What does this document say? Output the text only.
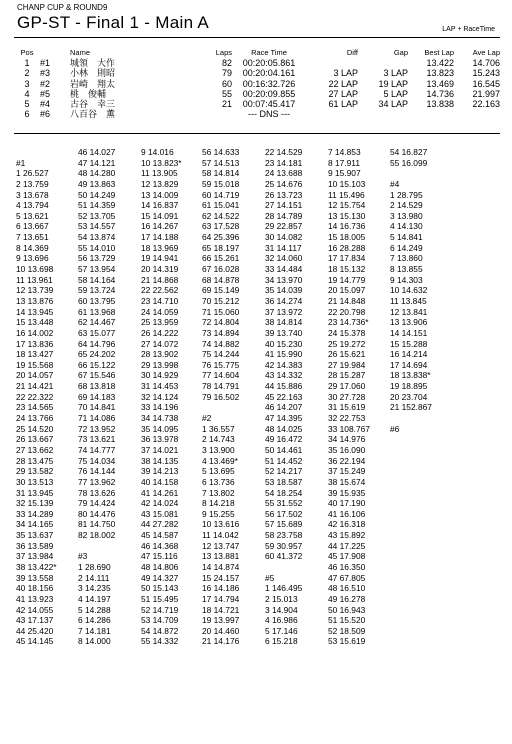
CHANP CUP & ROUND9
GP-ST - Final 1 - Main A	LAP + RaceTime
Pos		Name	Laps	Race Time	Diff	Gap	Best Lap	Ave Lap
1	#1	城領　大作	82	00:20:05.861			13.422	14.706
2	#3	小林　則昭	79	00:20:04.161	3 LAP	3 LAP	13.823	15.243
3	#2	岩崎　翔太	60	00:16:32.726	22 LAP	19 LAP	13.469	16.545
4	#5	桃　俊輔	55	00:20:09.855	27 LAP	5 LAP	14.736	21.997
5	#4	古谷　幸三	21	00:07:45.417	61 LAP	34 LAP	13.838	22.163
6	#6	八百谷　薫		--- DNS ---				
#1
1 26.527
2 13.759
3 13.678
4 13.794
5 13.621
6 13.667
7 13.651
8 14.369
9 13.696
10 13.698
11 13.961
12 13.739
13 13.876
14 13.945
15 13.448
16 14.002
17 13.836
18 13.427
19 15.568
20 14.057
21 14.421
22 22.322
23 14.565
24 13.766
25 14.520
26 13.667
27 13.662
28 13.475
29 13.582
30 13.513
31 13.945
32 15.139
33 14.289
34 14.165
35 13.637
36 13.589
37 13.984
38 13.422*
39 13.558
40 18.156
41 13.923
42 14.055
43 17.137
44 25.420
45 14.145
46 14.027
47 14.121
48 14.280
49 13.863
50 14.249
51 14.359
52 13.705
53 14.557
54 13.874
55 14.010
56 13.729
57 13.954
58 14.164
59 13.724
60 13.795
61 13.968
62 14.467
63 15.077
64 14.796
65 24.202
66 15.122
67 15.546
68 13.818
69 14.183
70 14.841
71 14.086
72 13.952
73 13.621
74 14.777
75 14.034
76 14.144
77 13.962
78 13.626
79 14.424
80 14.476
81 14.750
82 18.002
#3
1 28.690
2 14.111
3 14.235
4 14.197
5 14.288
6 14.286
7 14.181
8 14.000
9 14.016
10 13.823*
11 13.905
12 13.829
13 14.009
14 16.837
15 14.091
16 14.267
17 14.188
18 13.969
19 14.941
20 14.319
21 14.868
22 22.562
23 14.710
24 14.059
25 13.959
26 14.222
27 14.072
28 13.902
29 13.998
30 14.929
31 14.453
32 14.124
33 14.196
34 14.738
35 14.095
36 13.978
37 14.021
38 14.135
39 14.213
40 14.158
41 14.261
42 14.024
43 15.081
44 27.282
45 14.587
46 14.368
47 15.116
48 14.806
49 14.327
50 15.143
51 15.495
52 14.719
53 14.709
54 14.872
55 14.332
56 14.633
57 14.513
58 14.814
59 15.018
60 14.719
61 15.041
62 14.522
63 17.528
64 25.396
65 18.197
66 15.261
67 16.028
68 14.878
69 15.149
70 15.212
71 15.060
72 14.804
73 14.894
74 14.882
75 14.244
76 15.775
77 14.604
78 14.791
79 16.502
#2
1 36.557
2 14.743
3 13.900
4 13.469*
5 13.695
6 13.736
7 13.802
8 14.218
9 15.255
10 13.616
11 14.042
12 13.747
13 13.881
14 14.874
15 24.157
16 14.186
17 14.794
18 14.721
19 13.997
20 14.460
21 14.176
22 14.529
23 14.181
24 13.688
25 14.676
26 13.723
27 14.151
28 14.789
29 22.857
30 14.082
31 14.117
32 14.060
33 14.484
34 13.970
35 14.039
36 14.274
37 13.972
38 14.814
39 13.740
40 15.230
41 15.990
42 14.383
43 14.332
44 15.886
45 22.163
46 14.207
47 14.395
48 14.025
49 16.472
50 14.461
51 14.452
52 14.217
53 18.587
54 18.254
55 31.552
56 17.502
57 15.689
58 23.758
59 30.957
60 41.372
#5
1 146.495
2 15.013
3 14.904
4 16.986
5 17.146
6 15.218
7 14.853
8 17.911
9 15.907
10 15.103
11 15.496
12 15.754
13 15.130
14 16.736
15 18.005
16 28.288
17 17.834
18 15.132
19 14.779
20 15.097
21 14.848
22 20.798
23 14.736*
24 15.378
25 19.272
26 15.621
27 19.984
28 15.287
29 17.060
30 27.728
31 15.619
32 22.753
33 108.767
34 14.976
35 16.090
36 22.194
37 15.249
38 15.674
39 15.935
40 17.190
41 16.106
42 16.318
43 15.892
44 17.225
45 17.908
46 16.350
47 67.805
48 16.510
49 16.278
50 16.943
51 15.520
52 18.509
53 15.619
54 16.827
55 16.099
#4
1 28.795
2 14.529
3 13.980
4 14.130
5 14.841
6 14.249
7 13.860
8 13.855
9 14.303
10 14.632
11 13.845
12 13.841
13 13.906
14 14.151
15 15.288
16 14.214
17 14.694
18 13.838*
19 18.895
20 23.704
21 152.867
#6
